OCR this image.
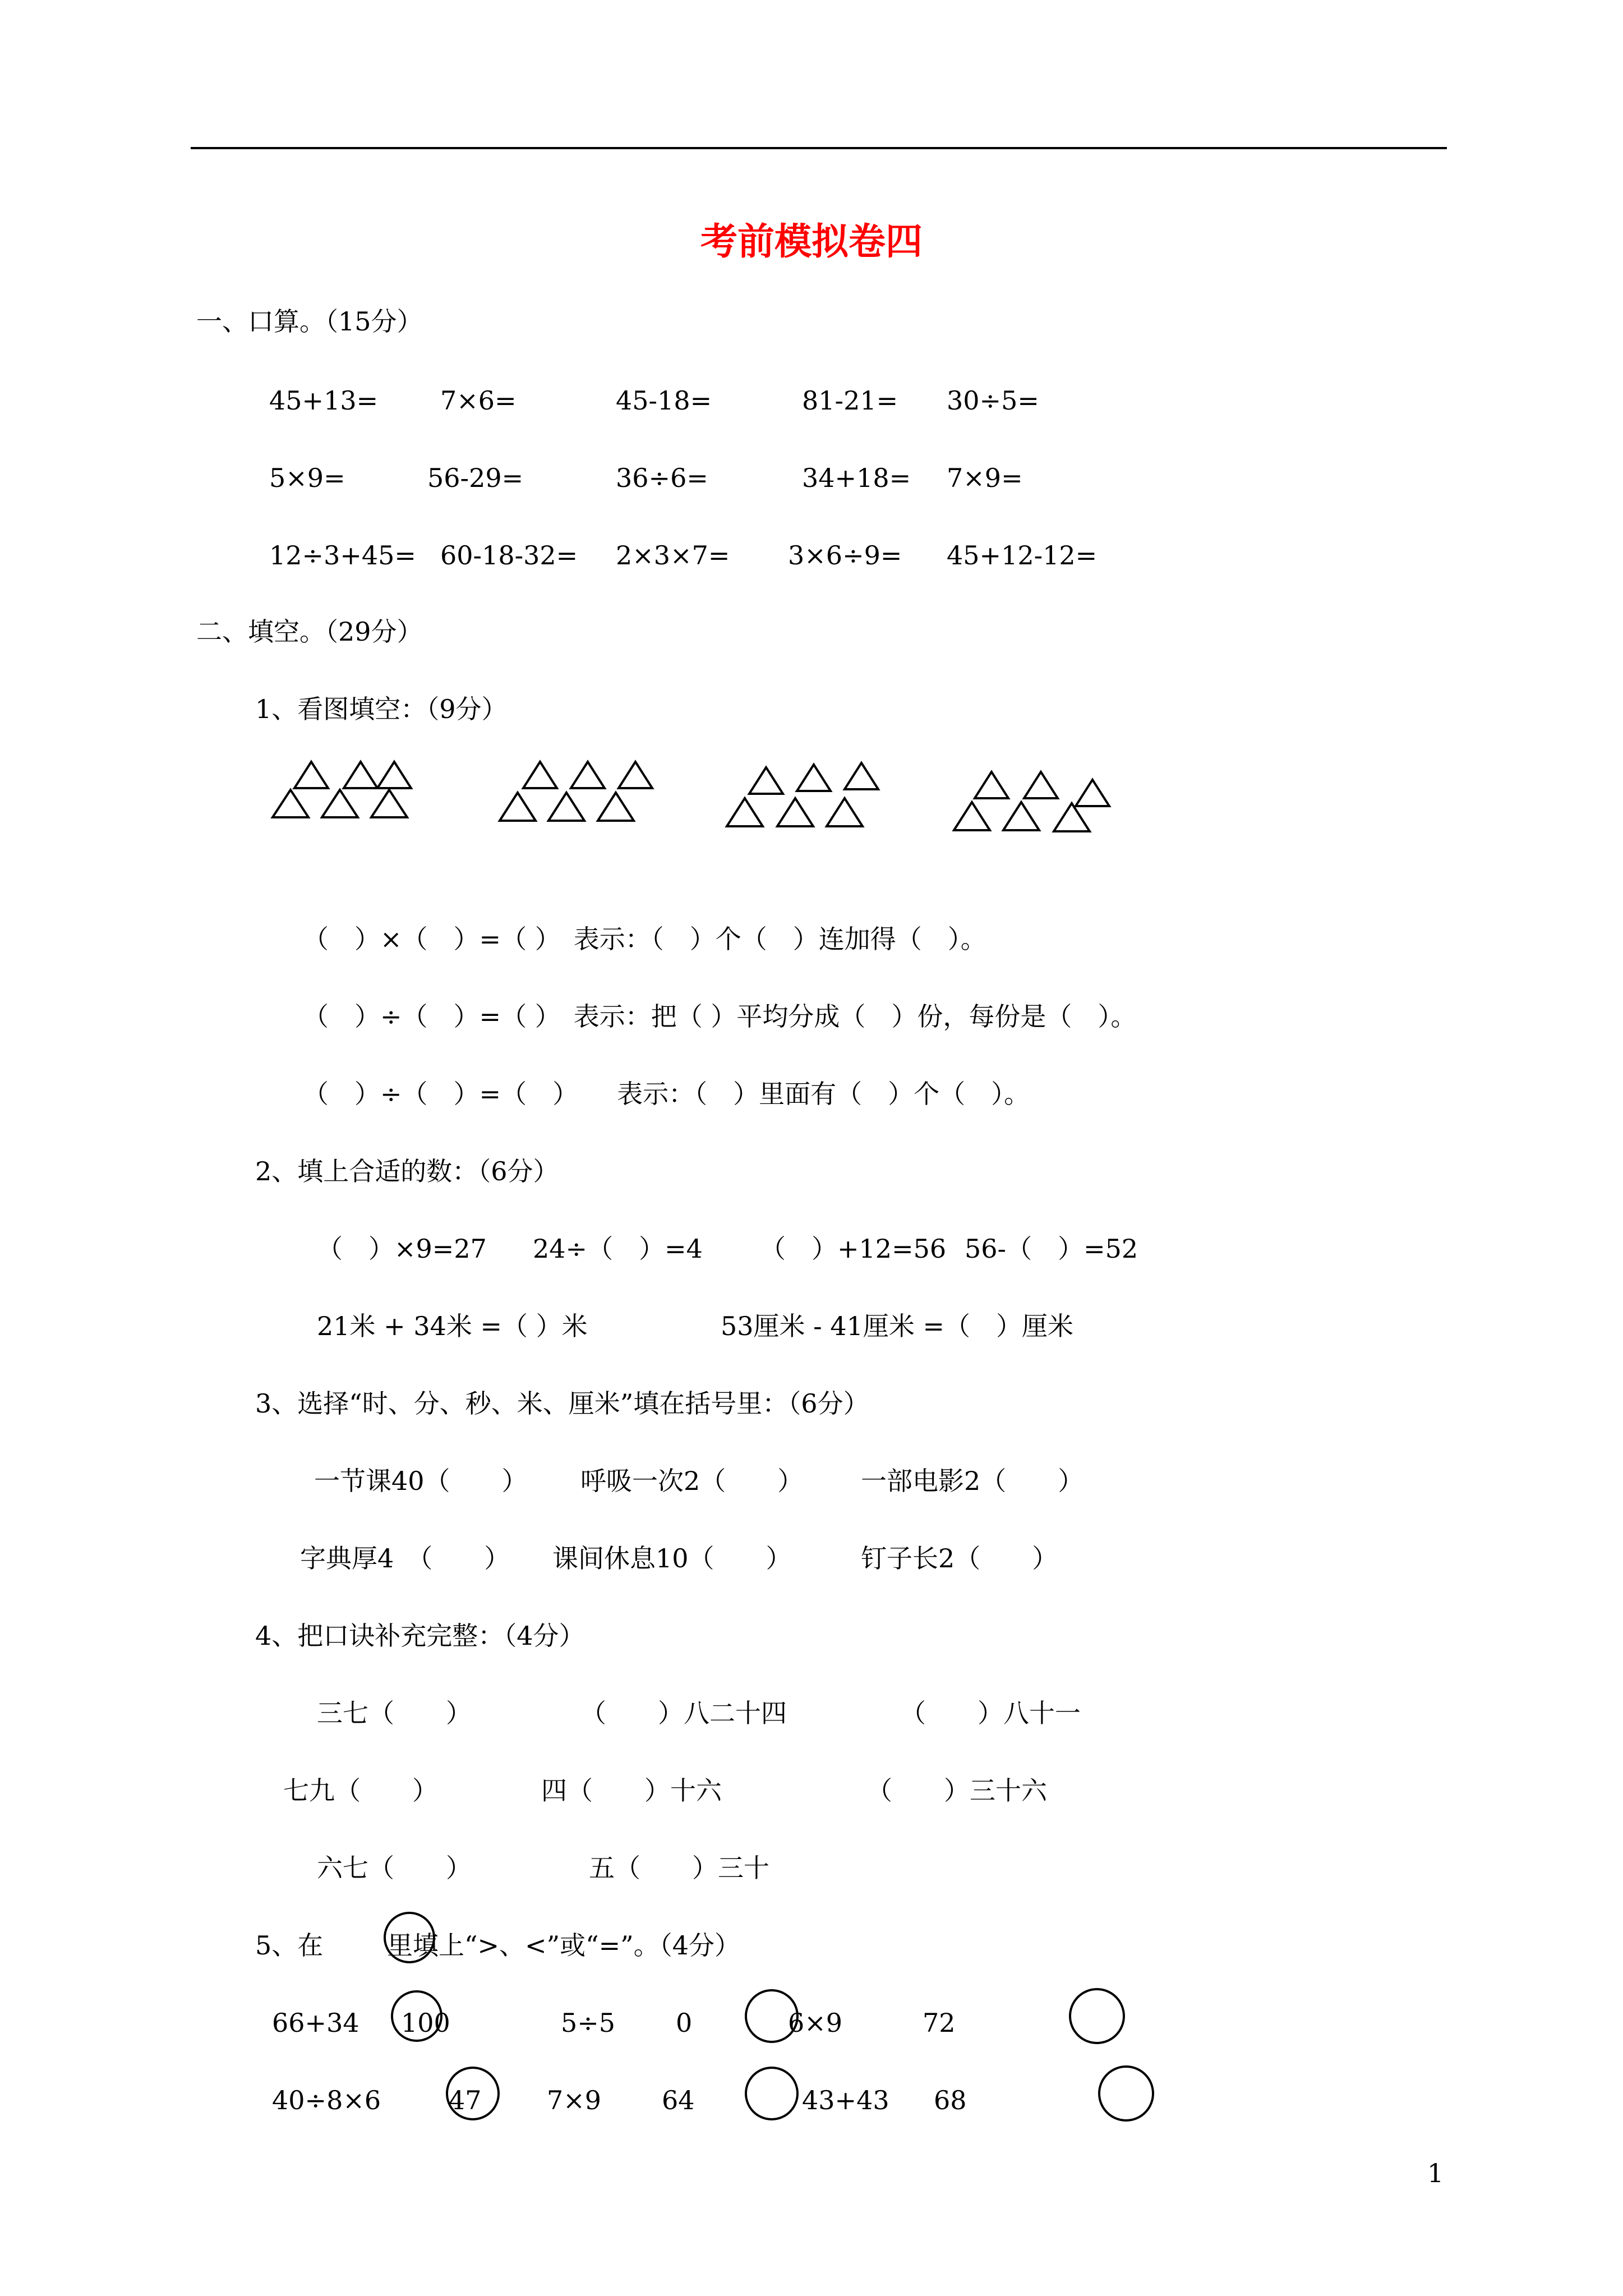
考前模拟卷四
一、口算。（15分）
45+13= 7×6=	45-18=	81-21= 30÷5=
5×9=	56-29=	36÷6=	34+18= 7×9=
12÷3+45= 60-18-32= 2×3×7= 3×6÷9= 45+12-12=
二、填空。（29分）
1、看图填空：（9分）
（　）×（　）=（ ）　表示：（　）个（　）连加得（　）。
（　）÷（　）=（ ）　表示：把（ ）平均分成（　）份，每份是（　）。
（　）÷（　）=（　）　　表示：（　）里面有（　）个（　）。
2、填上合适的数：（6分）
（　）×9=27 24÷（　）=4 （　）+12=56 56-（　）=52
21米 + 34米 =（ ）米	53厘米 - 41厘米 =（　）厘米
3、选择“时、分、秒、米、厘米”填在括号里：（6分）
一节课40（　　） 呼吸一次2（　　） 一部电影2（　　）
字典厚4　（　　） 课间休息10（　　）	钉子长2（　　）
4、把口诀补充完整：（4分）
三七（　　）	（　　）八二十四	（　　）八十一
七九（　　）	四（　　）十六	（　　）三十六
六七（　　）	五（　　）三十
5、在 里填上“>、<”或“=”。（4分）
66+34 100	5÷5 0	6×9	72
40÷8×6	47	7×9 64	43+43 68
1
